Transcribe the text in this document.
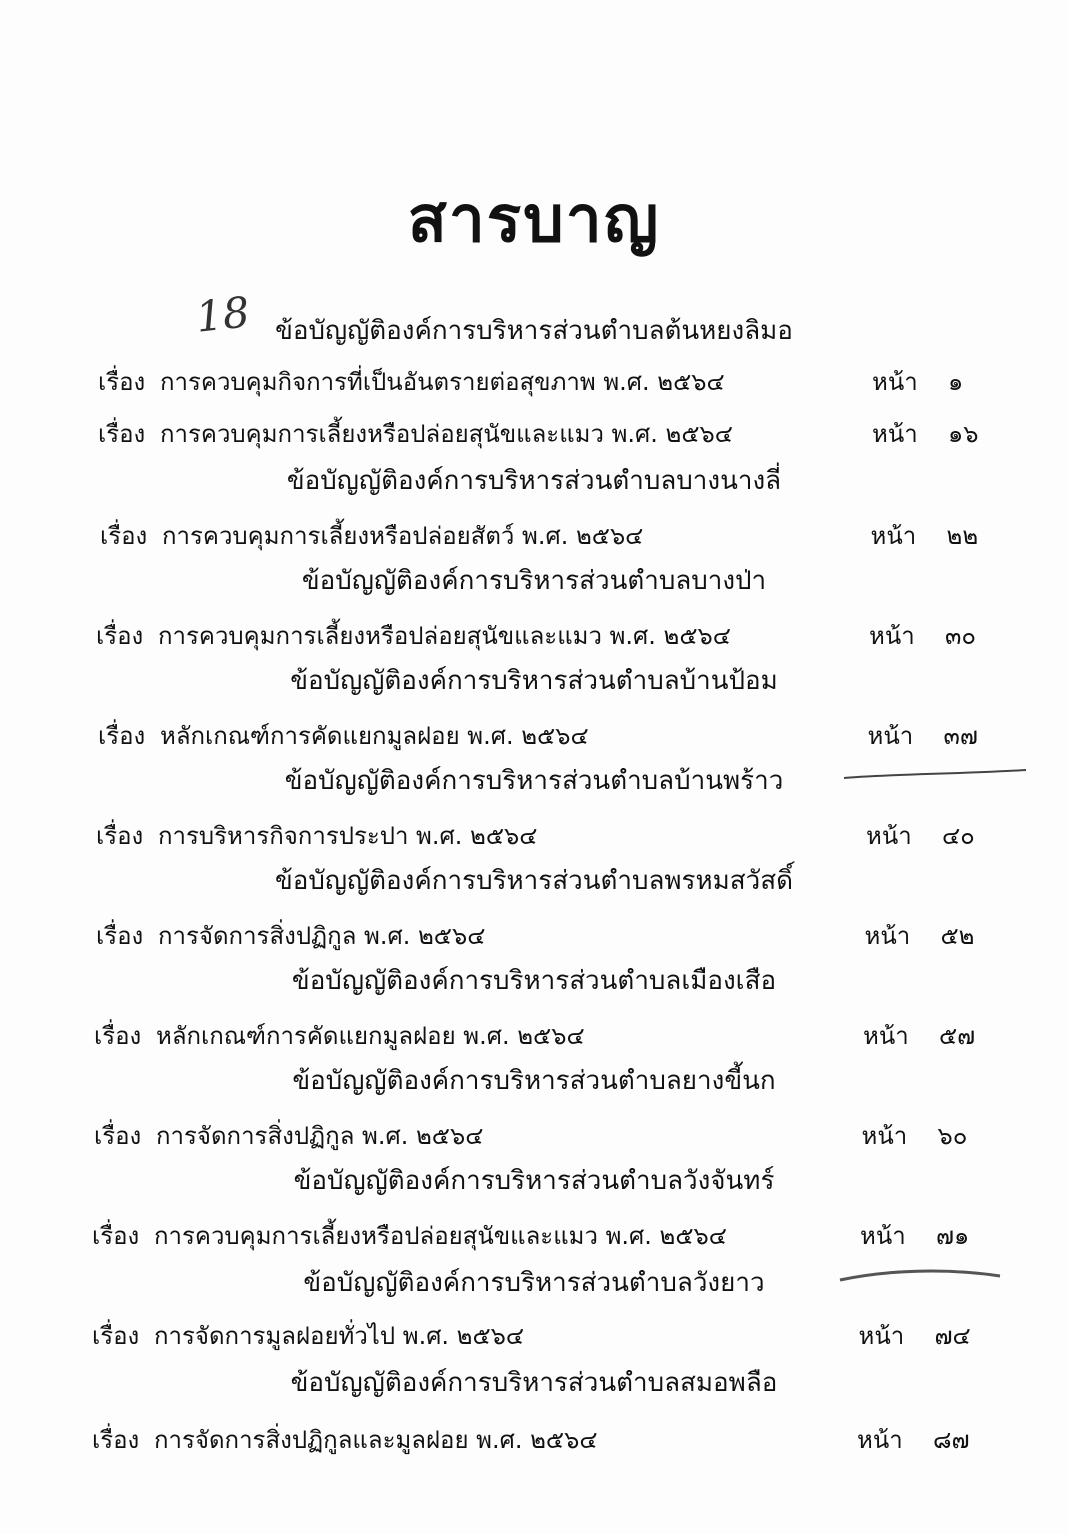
สารบาญ
18 ข้อบัญญัติองค์การบริหารส่วนตำบลต้นหยงลิมอ
เรื่อง การควบคุมกิจการที่เป็นอันตรายต่อสุขภาพ พ.ศ. ๒๕๖๔	หน้า ๑
เรื่อง การควบคุมการเลี้ยงหรือปล่อยสุนัขและแมว พ.ศ. ๒๕๖๔	หน้า ๑๖
ข้อบัญญัติองค์การบริหารส่วนตำบลบางนางลี่
เรื่อง การควบคุมการเลี้ยงหรือปล่อยสัตว์ พ.ศ. ๒๕๖๔	หน้า ๒๒
ข้อบัญญัติองค์การบริหารส่วนตำบลบางป่า
เรื่อง การควบคุมการเลี้ยงหรือปล่อยสุนัขและแมว พ.ศ. ๒๕๖๔	หน้า ๓๐
ข้อบัญญัติองค์การบริหารส่วนตำบลบ้านป้อม
เรื่อง หลักเกณฑ์การคัดแยกมูลฝอย พ.ศ. ๒๕๖๔	หน้า ๓๗
ข้อบัญญัติองค์การบริหารส่วนตำบลบ้านพร้าว
เรื่อง การบริหารกิจการประปา พ.ศ. ๒๕๖๔	หน้า ๔๐
ข้อบัญญัติองค์การบริหารส่วนตำบลพรหมสวัสดิ์
เรื่อง การจัดการสิ่งปฏิกูล พ.ศ. ๒๕๖๔	หน้า ๕๒
ข้อบัญญัติองค์การบริหารส่วนตำบลเมืองเสือ
เรื่อง หลักเกณฑ์การคัดแยกมูลฝอย พ.ศ. ๒๕๖๔	หน้า ๕๗
ข้อบัญญัติองค์การบริหารส่วนตำบลยางขี้นก
เรื่อง การจัดการสิ่งปฏิกูล พ.ศ. ๒๕๖๔	หน้า ๖๐
ข้อบัญญัติองค์การบริหารส่วนตำบลวังจันทร์
เรื่อง การควบคุมการเลี้ยงหรือปล่อยสุนัขและแมว พ.ศ. ๒๕๖๔	หน้า ๗๑
ข้อบัญญัติองค์การบริหารส่วนตำบลวังยาว
เรื่อง การจัดการมูลฝอยทั่วไป พ.ศ. ๒๕๖๔	หน้า ๗๔
ข้อบัญญัติองค์การบริหารส่วนตำบลสมอพลือ
เรื่อง การจัดการสิ่งปฏิกูลและมูลฝอย พ.ศ. ๒๕๖๔	หน้า ๘๗
